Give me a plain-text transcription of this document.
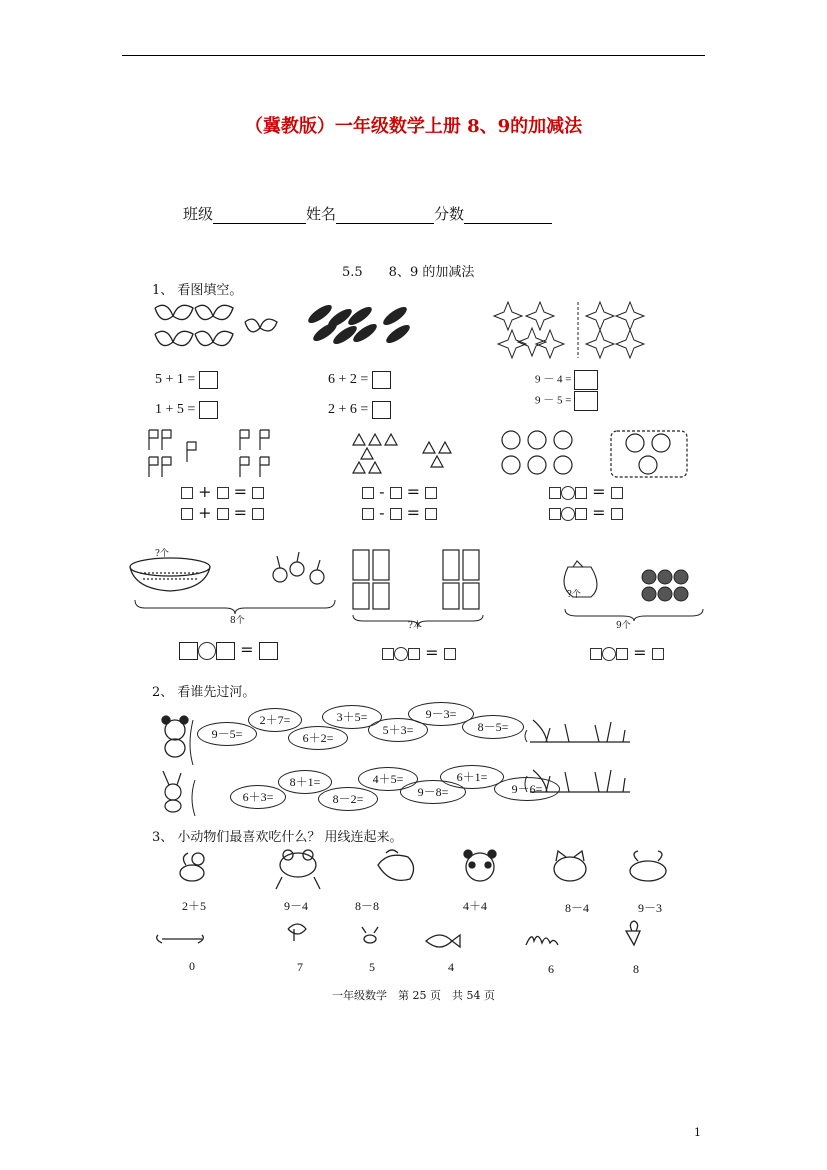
（冀教版）一年级数学上册 8、9的加减法
班级	姓名	分数
5.5　　8、9 的加减法
1、 看图填空。
5 + 1 =
1 + 5 =
6 + 2 =
2 + 6 =
9 － 4 =
9 － 5 =
+  =
+  =
-  =
-  =
=
=
?个
8个	?本
?个
9个
=	=	=
2、 看谁先过河。
9－5=
2＋7=
6＋2=
3＋5=
5＋3=
9－3=
8－5=
6＋3=
8＋1=
8－2=
4＋5=
9－8=
6＋1=
9－6=
3、 小动物们最喜欢吃什么？ 用线连起来。
2＋5	9－4	8－8	4＋4	8－4	9－3
0	7	5	4	6	8
一年级数学　第 25 页　共 54 页
1
